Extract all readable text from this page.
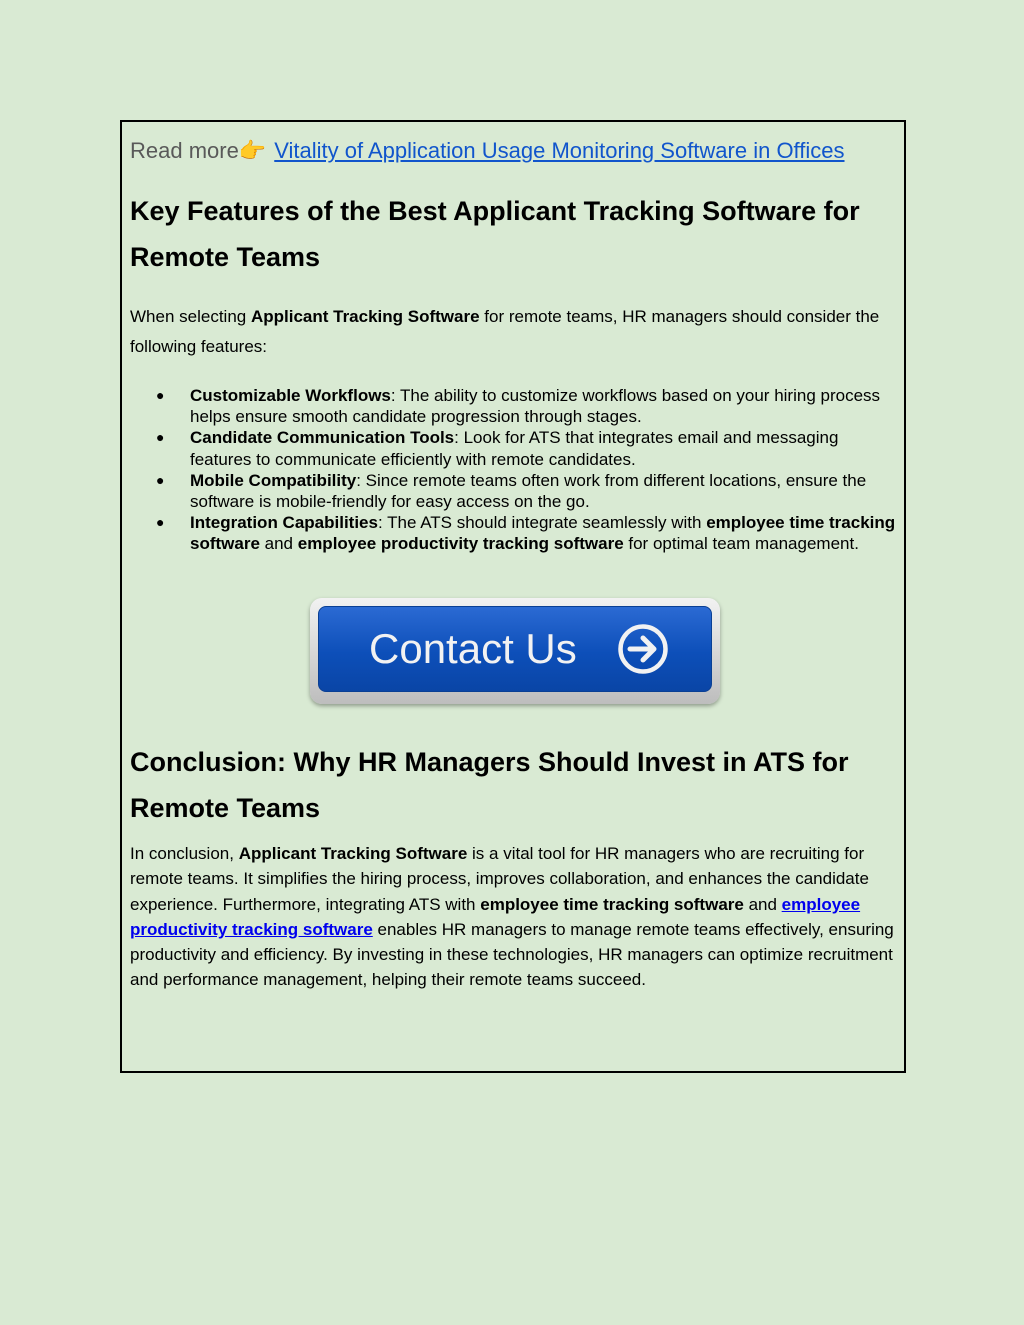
Read more👉 Vitality of Application Usage Monitoring Software in Offices
Key Features of the Best Applicant Tracking Software for Remote Teams

When selecting Applicant Tracking Software for remote teams, HR managers should consider the following features:

● Customizable Workflows: The ability to customize workflows based on your hiring process helps ensure smooth candidate progression through stages.
● Candidate Communication Tools: Look for ATS that integrates email and messaging features to communicate efficiently with remote candidates.
● Mobile Compatibility: Since remote teams often work from different locations, ensure the software is mobile-friendly for easy access on the go.
● Integration Capabilities: The ATS should integrate seamlessly with employee time tracking software and employee productivity tracking software for optimal team management.
Contact Us
Conclusion: Why HR Managers Should Invest in ATS for Remote Teams

In conclusion, Applicant Tracking Software is a vital tool for HR managers who are recruiting for remote teams. It simplifies the hiring process, improves collaboration, and enhances the candidate experience. Furthermore, integrating ATS with employee time tracking software and employee productivity tracking software enables HR managers to manage remote teams effectively, ensuring productivity and efficiency. By investing in these technologies, HR managers can optimize recruitment and performance management, helping their remote teams succeed.
